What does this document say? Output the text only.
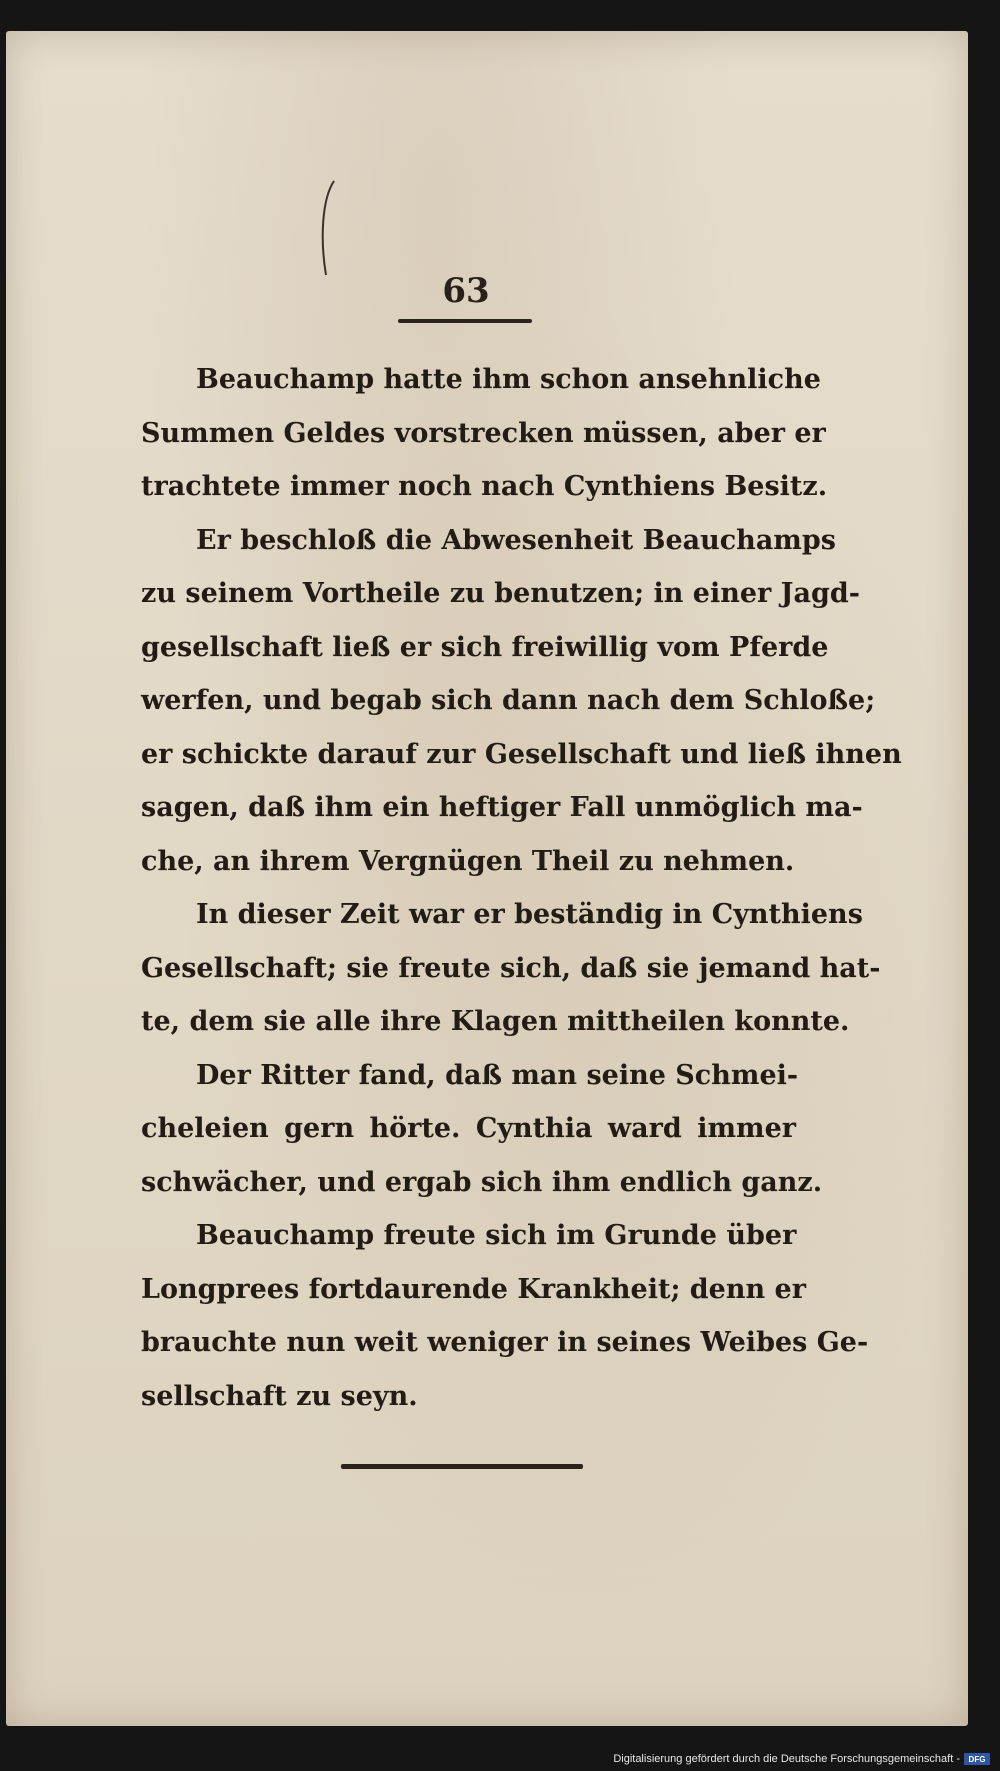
63
Beauchamp hatte ihm schon ansehnliche
Summen Geldes vorstrecken müssen, aber er
trachtete immer noch nach Cynthiens Besitz.
Er beschloß die Abwesenheit Beauchamps
zu seinem Vortheile zu benutzen; in einer Jagd-
gesellschaft ließ er sich freiwillig vom Pferde
werfen, und begab sich dann nach dem Schloße;
er schickte darauf zur Gesellschaft und ließ ihnen
sagen, daß ihm ein heftiger Fall unmöglich ma-
che, an ihrem Vergnügen Theil zu nehmen.
In dieser Zeit war er beständig in Cynthiens
Gesellschaft; sie freute sich, daß sie jemand hat-
te, dem sie alle ihre Klagen mittheilen konnte.
Der Ritter fand, daß man seine Schmei-
cheleien gern hörte. Cynthia ward immer
schwächer, und ergab sich ihm endlich ganz.
Beauchamp freute sich im Grunde über
Longprees fortdaurende Krankheit; denn er
brauchte nun weit weniger in seines Weibes Ge-
sellschaft zu seyn.
Digitalisierung gefördert durch die Deutsche Forschungsgemeinschaft -	DFG
